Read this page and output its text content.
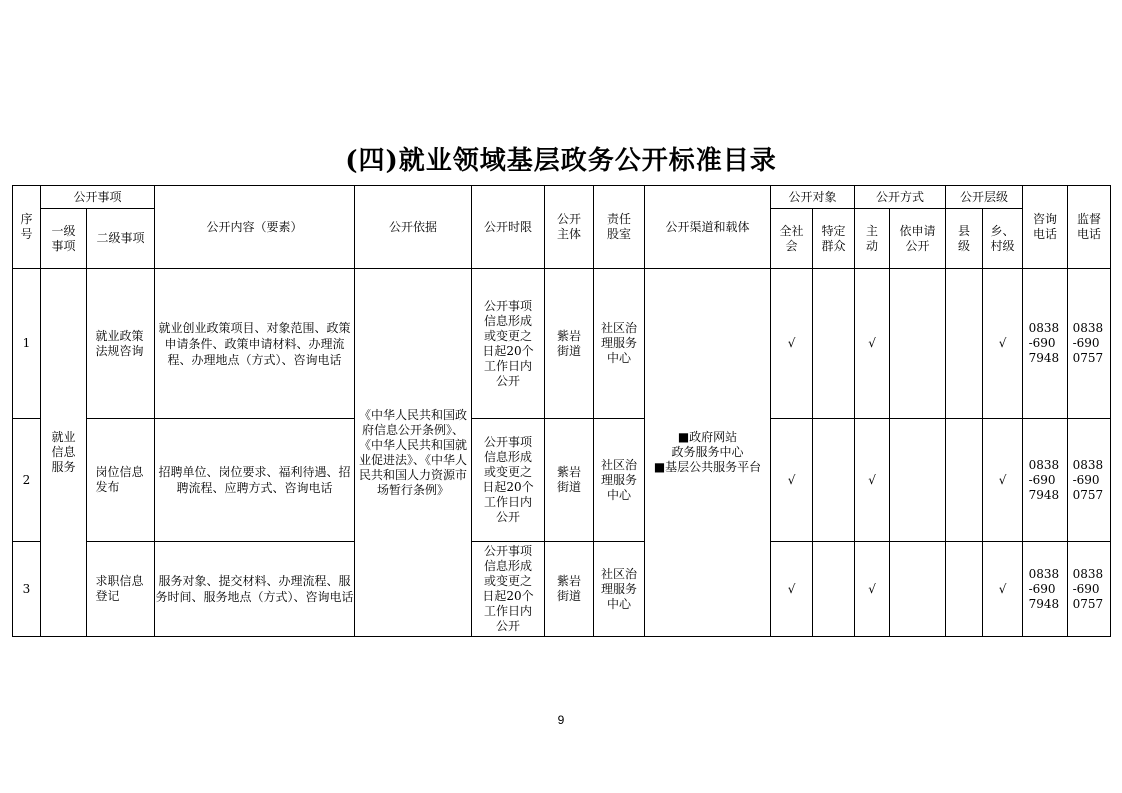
(四)就业领域基层政务公开标准目录
序号	公开事项		公开内容（要素）	公开依据	公开时限	公开主体	责任股室	公开渠道和载体	公开对象		公开方式		公开层级		咨询电话	监督电话

	一级事项	二级事项							全社会	特定群众	主动	依申请公开	县级	乡、村级		

1	就业信息服务	就业政策法规咨询	就业创业政策项目、对象范围、政策申请条件、政策申请材料、办理流程、办理地点（方式）、咨询电话	《中华人民共和国政府信息公开条例》、《中华人民共和国就业促进法》、《中华人民共和国人力资源市场暂行条例》	公开事项信息形成或变更之日起20个工作日内公开	紫岩街道	社区治理服务中心	■政府网站
政务服务中心
■基层公共服务平台	√		√			√	0838-6907948	0838-6900757

2		岗位信息发布	招聘单位、岗位要求、福利待遇、招聘流程、应聘方式、咨询电话		公开事项信息形成或变更之日起20个工作日内公开	紫岩街道	社区治理服务中心		√		√			√	0838-6907948	0838-6900757

3		求职信息登记	服务对象、提交材料、办理流程、服务时间、服务地点（方式）、咨询电话		公开事项信息形成或变更之日起20个工作日内公开	紫岩街道	社区治理服务中心		√		√			√	0838-6907948	0838-6900757
9
